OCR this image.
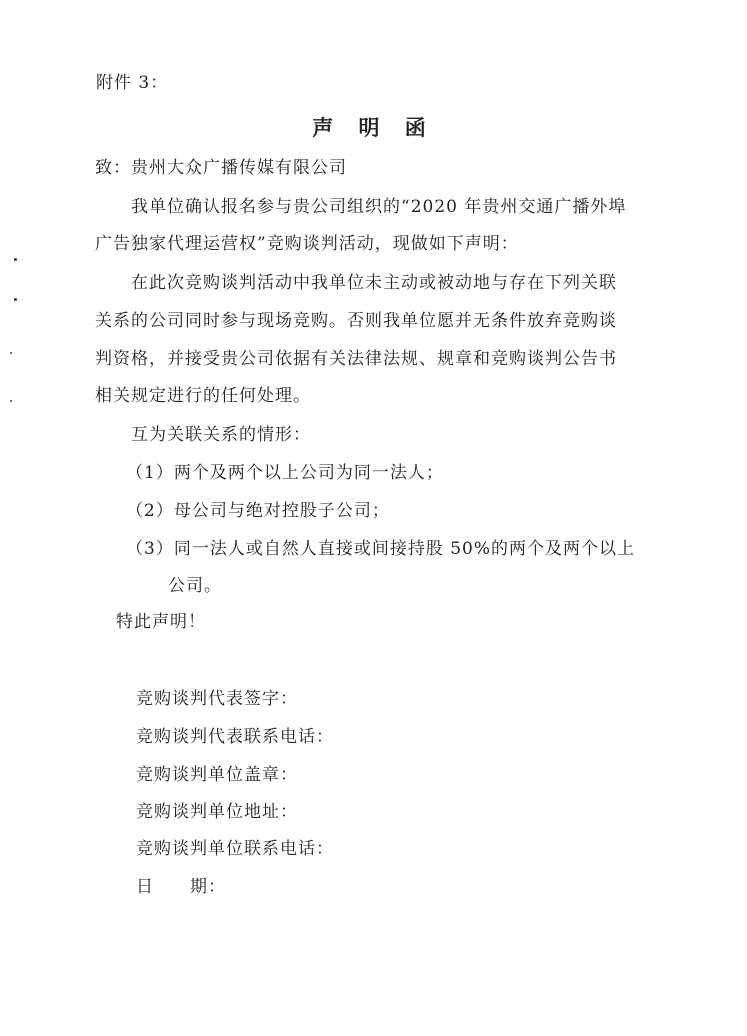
附件 3：
声 明 函
致：贵州大众广播传媒有限公司
我单位确认报名参与贵公司组织的“2020 年贵州交通广播外埠
广告独家代理运营权”竞购谈判活动，现做如下声明：
在此次竞购谈判活动中我单位未主动或被动地与存在下列关联
关系的公司同时参与现场竞购。否则我单位愿并无条件放弃竞购谈
判资格，并接受贵公司依据有关法律法规、规章和竞购谈判公告书
相关规定进行的任何处理。
互为关联关系的情形：
（1）两个及两个以上公司为同一法人；
（2）母公司与绝对控股子公司；
（3）同一法人或自然人直接或间接持股 50%的两个及两个以上
公司。
特此声明！
竞购谈判代表签字：
竞购谈判代表联系电话：
竞购谈判单位盖章：
竞购谈判单位地址：
竞购谈判单位联系电话：
日　　期：
